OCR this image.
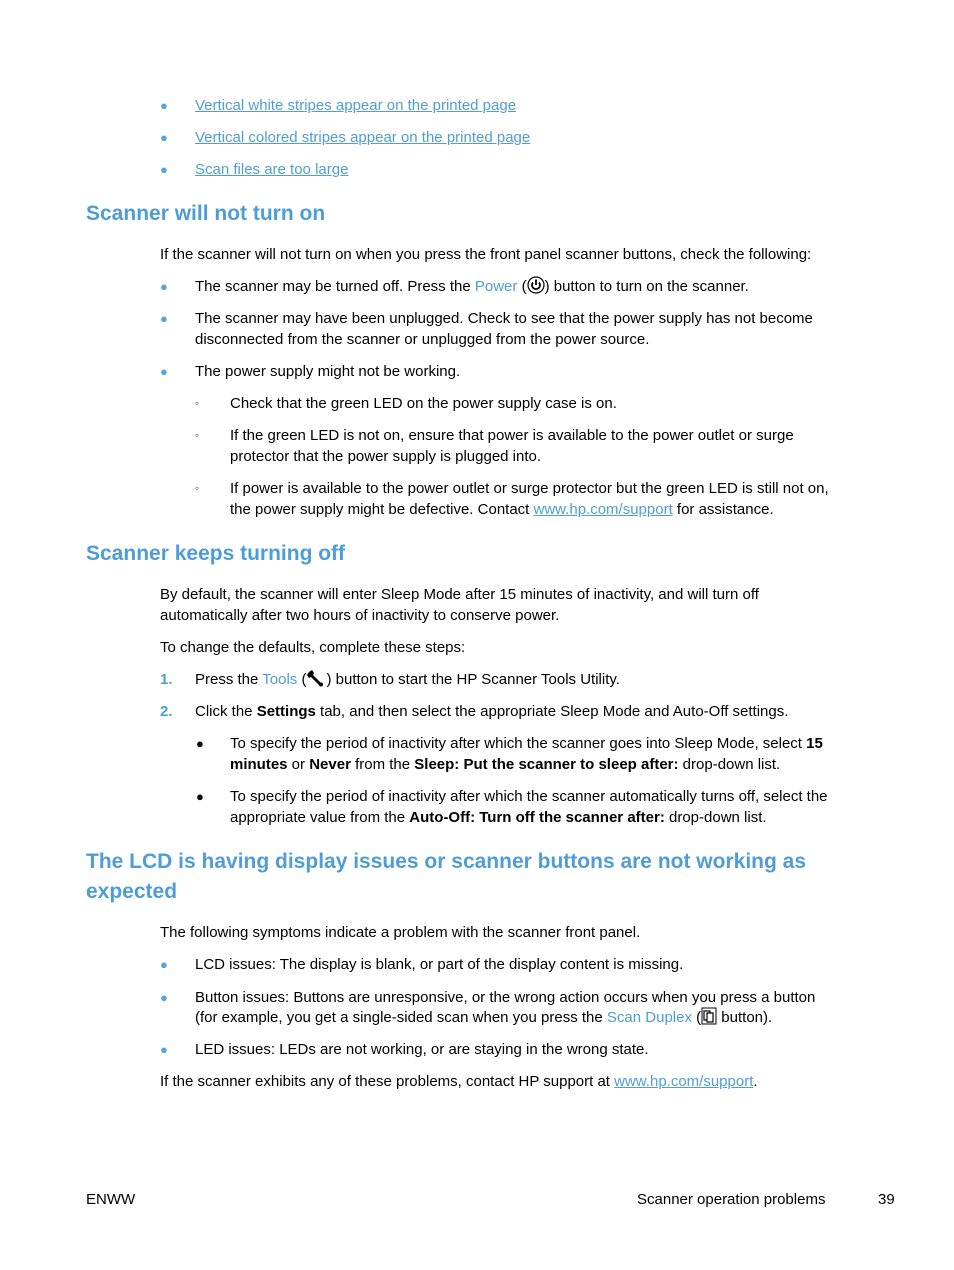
● Vertical white stripes appear on the printed page
● Vertical colored stripes appear on the printed page
● Scan files are too large
Scanner will not turn on
If the scanner will not turn on when you press the front panel scanner buttons, check the following:
● The scanner may be turned off. Press the Power ( ) button to turn on the scanner.
● The scanner may have been unplugged. Check to see that the power supply has not become
disconnected from the scanner or unplugged from the power source.
● The power supply might not be working.
◦ Check that the green LED on the power supply case is on.
◦ If the green LED is not on, ensure that power is available to the power outlet or surge
protector that the power supply is plugged into.
◦ If power is available to the power outlet or surge protector but the green LED is still not on,
the power supply might be defective. Contact www.hp.com/support for assistance.
Scanner keeps turning off
By default, the scanner will enter Sleep Mode after 15 minutes of inactivity, and will turn off
automatically after two hours of inactivity to conserve power.
To change the defaults, complete these steps:
1. Press the Tools ( ) button to start the HP Scanner Tools Utility.
2. Click the Settings tab, and then select the appropriate Sleep Mode and Auto-Off settings.
● To specify the period of inactivity after which the scanner goes into Sleep Mode, select 15
minutes or Never from the Sleep: Put the scanner to sleep after: drop-down list.
● To specify the period of inactivity after which the scanner automatically turns off, select the
appropriate value from the Auto-Off: Turn off the scanner after: drop-down list.
The LCD is having display issues or scanner buttons are not working as
expected
The following symptoms indicate a problem with the scanner front panel.
● LCD issues: The display is blank, or part of the display content is missing.
● Button issues: Buttons are unresponsive, or the wrong action occurs when you press a button
(for example, you get a single-sided scan when you press the Scan Duplex ( button).
● LED issues: LEDs are not working, or are staying in the wrong state.
If the scanner exhibits any of these problems, contact HP support at www.hp.com/support.
ENWW	Scanner operation problems	39
